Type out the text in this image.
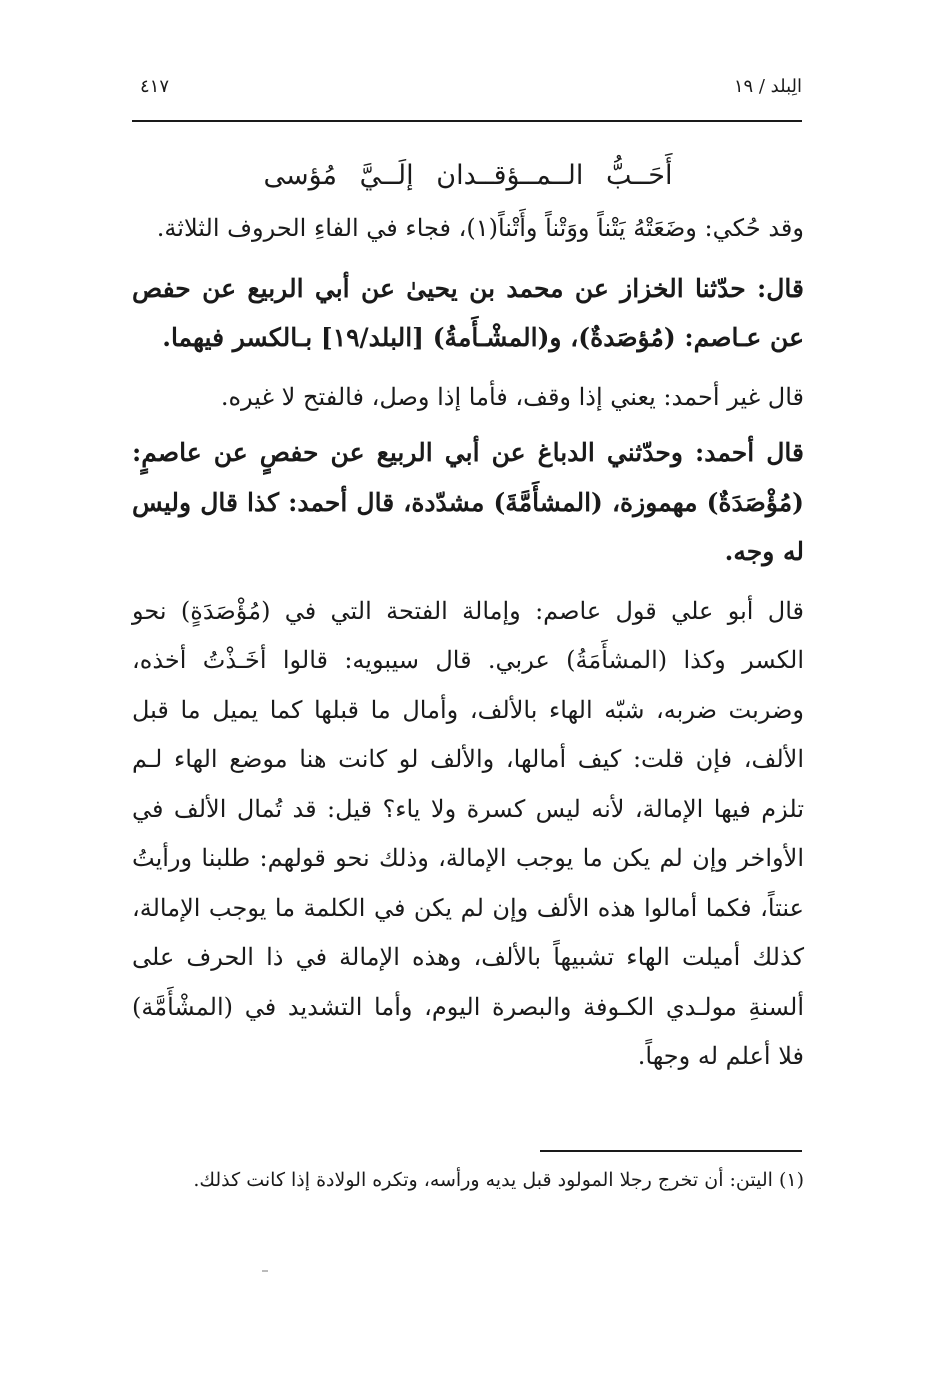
الِبلد / ١٩
٤١٧

أَحَــبُّ الــمــؤقــدان إلَــيَّ مُؤسى

وقد حُكي: وضَعَتْهُ يَتْناً ووَتْناً وأَتْناً(١)، فجاء في الفاءِ الحروف الثلاثة.

قال: حدّثنا الخزاز عن محمد بن يحيىٰ عن أبي الربيع عن حفص عن عـاصم: (مُؤصَدةٌ)، و(المشْـأَمةُ) [البلد/١٩] بـالكسر فيهما.

قال غير أحمد: يعني إذا وقف، فأما إذا وصل، فالفتح لا غيره.

قال أحمد: وحدّثني الدباغ عن أبي الربيع عن حفصٍ عن عاصمٍ: (مُؤْصَدَةٌ) مهموزة، (المشأَمَّةَ) مشدّدة، قال أحمد: كذا قال وليس له وجه.

قال أبو علي قول عاصم: وإمالة الفتحة التي في (مُؤْصَدَةٍ) نحو الكسر وكذا (المشأَمَةُ) عربي. قال سيبويه: قالوا أخَـذْتُ أخذه، وضربت ضربه، شبّه الهاء بالألف، وأمال ما قبلها كما يميل ما قبل الألف، فإن قلت: كيف أمالها، والألف لو كانت هنا موضع الهاء لـم تلزم فيها الإمالة، لأنه ليس كسرة ولا ياء؟ قيل: قد تُمال الألف في الأواخر وإن لم يكن ما يوجب الإمالة، وذلك نحو قولهم: طلبنا ورأيتُ عنتاً، فكما أمالوا هذه الألف وإن لم يكن في الكلمة ما يوجب الإمالة، كذلك أميلت الهاء تشبيهاً بالألف، وهذه الإمالة في ذا الحرف على ألسنةِ مولـدي الكـوفة والبصرة اليوم، وأما التشديد في (المشْأَمَّة) فلا أعلم له وجهاً.

(١) اليتن: أن تخرج رجلا المولود قبل يديه ورأسه، وتكره الولادة إذا كانت كذلك.
